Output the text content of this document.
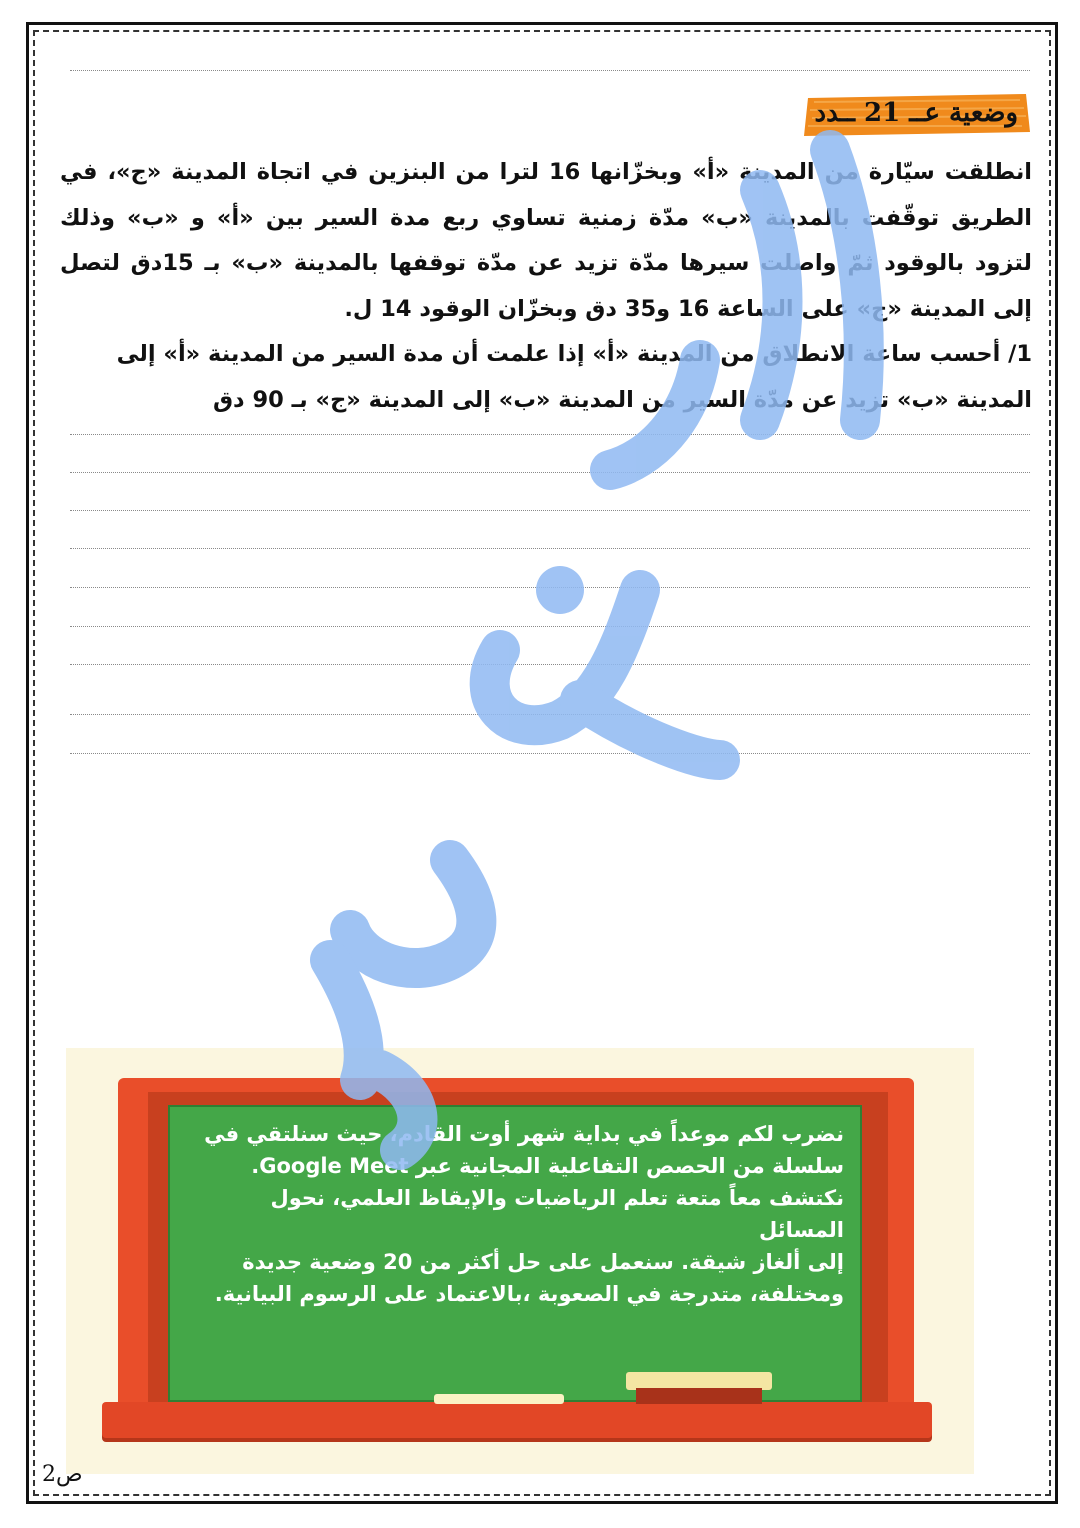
وضعية عــ 21 ــدد

انطلقت سيّارة من المدينة «أ» وبخزّانها 16 لترا من البنزين في اتجاة المدينة «ج»، في الطريق توقّفت بالمدينة «ب» مدّة زمنية تساوي ربع مدة السير بين «أ» و «ب» وذلك لتزود بالوقود ثمّ واصلت سيرها مدّة تزيد عن مدّة توقفها بالمدينة «ب» بـ 15دق لتصل إلى المدينة «ج» على الساعة 16 و35 دق وبخزّان الوقود 14 ل.

1/ أحسب ساعة الانطلاق من المدينة «أ» إذا علمت أن مدة السير من المدينة «أ» إلى المدينة «ب» تزيد عن مدّة السير من المدينة «ب» إلى المدينة «ج» بـ 90 دق

نضرب لكم موعداً في بداية شهر أوت القادم، حيث سنلتقي في

سلسلة من الحصص التفاعلية المجانية عبر Google Meet.

نكتشف معاً متعة تعلم الرياضيات والإيقاظ العلمي، نحول المسائل

إلى ألغاز شيقة. سنعمل على حل أكثر من 20 وضعية جديدة

ومختلفة، متدرجة في الصعوبة ،بالاعتماد على الرسوم البيانية.

ص2
